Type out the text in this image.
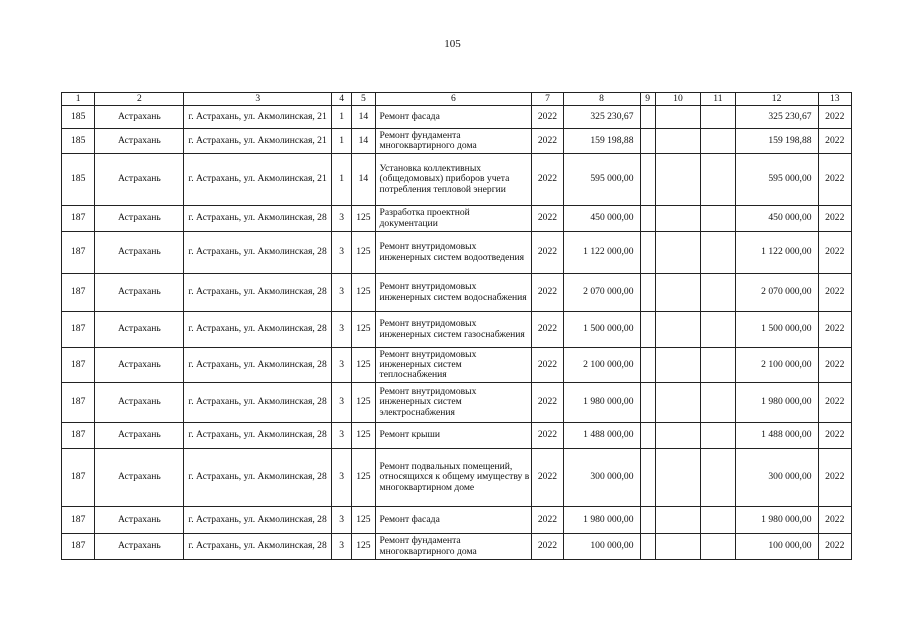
105
1	2	3	4	5	6	7	8	9	10	11	12	13
185	Астрахань	г. Астрахань, ул. Акмолинская, 21	1	14	Ремонт фасада	2022	325 230,67				325 230,67	2022
185	Астрахань	г. Астрахань, ул. Акмолинская, 21	1	14	Ремонт фундамента многоквартирного дома	2022	159 198,88				159 198,88	2022
185	Астрахань	г. Астрахань, ул. Акмолинская, 21	1	14	Установка коллективных (общедомовых) приборов учета потребления тепловой энергии	2022	595 000,00				595 000,00	2022
187	Астрахань	г. Астрахань, ул. Акмолинская, 28	3	125	Разработка проектной документации	2022	450 000,00				450 000,00	2022
187	Астрахань	г. Астрахань, ул. Акмолинская, 28	3	125	Ремонт внутридомовых инженерных систем водоотведения	2022	1 122 000,00				1 122 000,00	2022
187	Астрахань	г. Астрахань, ул. Акмолинская, 28	3	125	Ремонт внутридомовых инженерных систем водоснабжения	2022	2 070 000,00				2 070 000,00	2022
187	Астрахань	г. Астрахань, ул. Акмолинская, 28	3	125	Ремонт внутридомовых инженерных систем газоснабжения	2022	1 500 000,00				1 500 000,00	2022
187	Астрахань	г. Астрахань, ул. Акмолинская, 28	3	125	Ремонт внутридомовых инженерных систем теплоснабжения	2022	2 100 000,00				2 100 000,00	2022
187	Астрахань	г. Астрахань, ул. Акмолинская, 28	3	125	Ремонт внутридомовых инженерных систем электроснабжения	2022	1 980 000,00				1 980 000,00	2022
187	Астрахань	г. Астрахань, ул. Акмолинская, 28	3	125	Ремонт крыши	2022	1 488 000,00				1 488 000,00	2022
187	Астрахань	г. Астрахань, ул. Акмолинская, 28	3	125	Ремонт подвальных помещений, относящихся к общему имуществу в многоквартирном доме	2022	300 000,00				300 000,00	2022
187	Астрахань	г. Астрахань, ул. Акмолинская, 28	3	125	Ремонт фасада	2022	1 980 000,00				1 980 000,00	2022
187	Астрахань	г. Астрахань, ул. Акмолинская, 28	3	125	Ремонт фундамента многоквартирного дома	2022	100 000,00				100 000,00	2022
